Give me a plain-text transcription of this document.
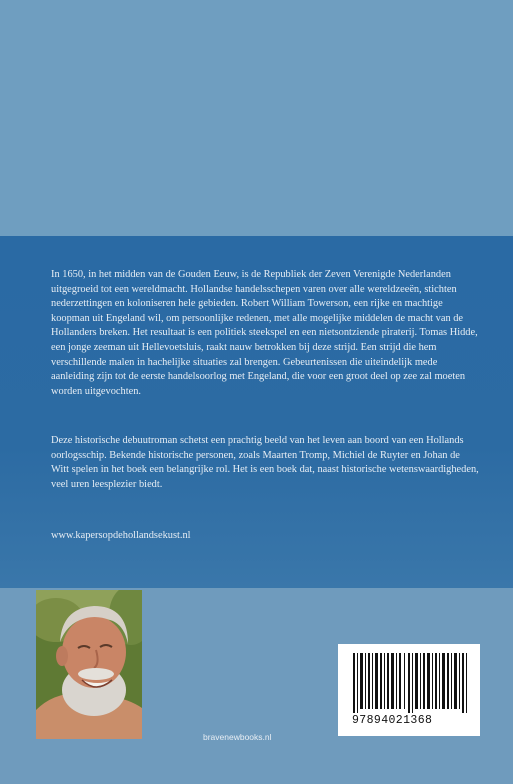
In 1650, in het midden van de Gouden Eeuw, is de Republiek der Zeven Verenigde Nederlanden uitgegroeid tot een wereldmacht. Hollandse handelsschepen varen over alle wereldzeeën, stichten nederzettingen en koloniseren hele gebieden. Robert William Towerson, een rijke en machtige koopman uit Engeland wil, om persoonlijke redenen, met alle mogelijke middelen de macht van de Hollanders breken. Het resultaat is een politiek steekspel en een nietsontziende piraterij. Tomas Hidde, een jonge zeeman uit Hellevoetsluis, raakt nauw betrokken bij deze strijd. Een strijd die hem verschillende malen in hachelijke situaties zal brengen. Gebeurtenissen die uiteindelijk mede aanleiding zijn tot de eerste handelsoorlog met Engeland, die voor een groot deel op zee zal moeten worden uitgevochten.

Deze historische debuutroman schetst een prachtig beeld van het leven aan boord van een Hollands oorlogsschip. Bekende historische personen, zoals Maarten Tromp, Michiel de Ruyter en Johan de Witt spelen in het boek een belangrijke rol. Het is een boek dat, naast historische wetenswaardigheden, veel uren leesplezier biedt.

www.kapersopdehollandsekust.nl

97894021368

bravenewbooks.nl
